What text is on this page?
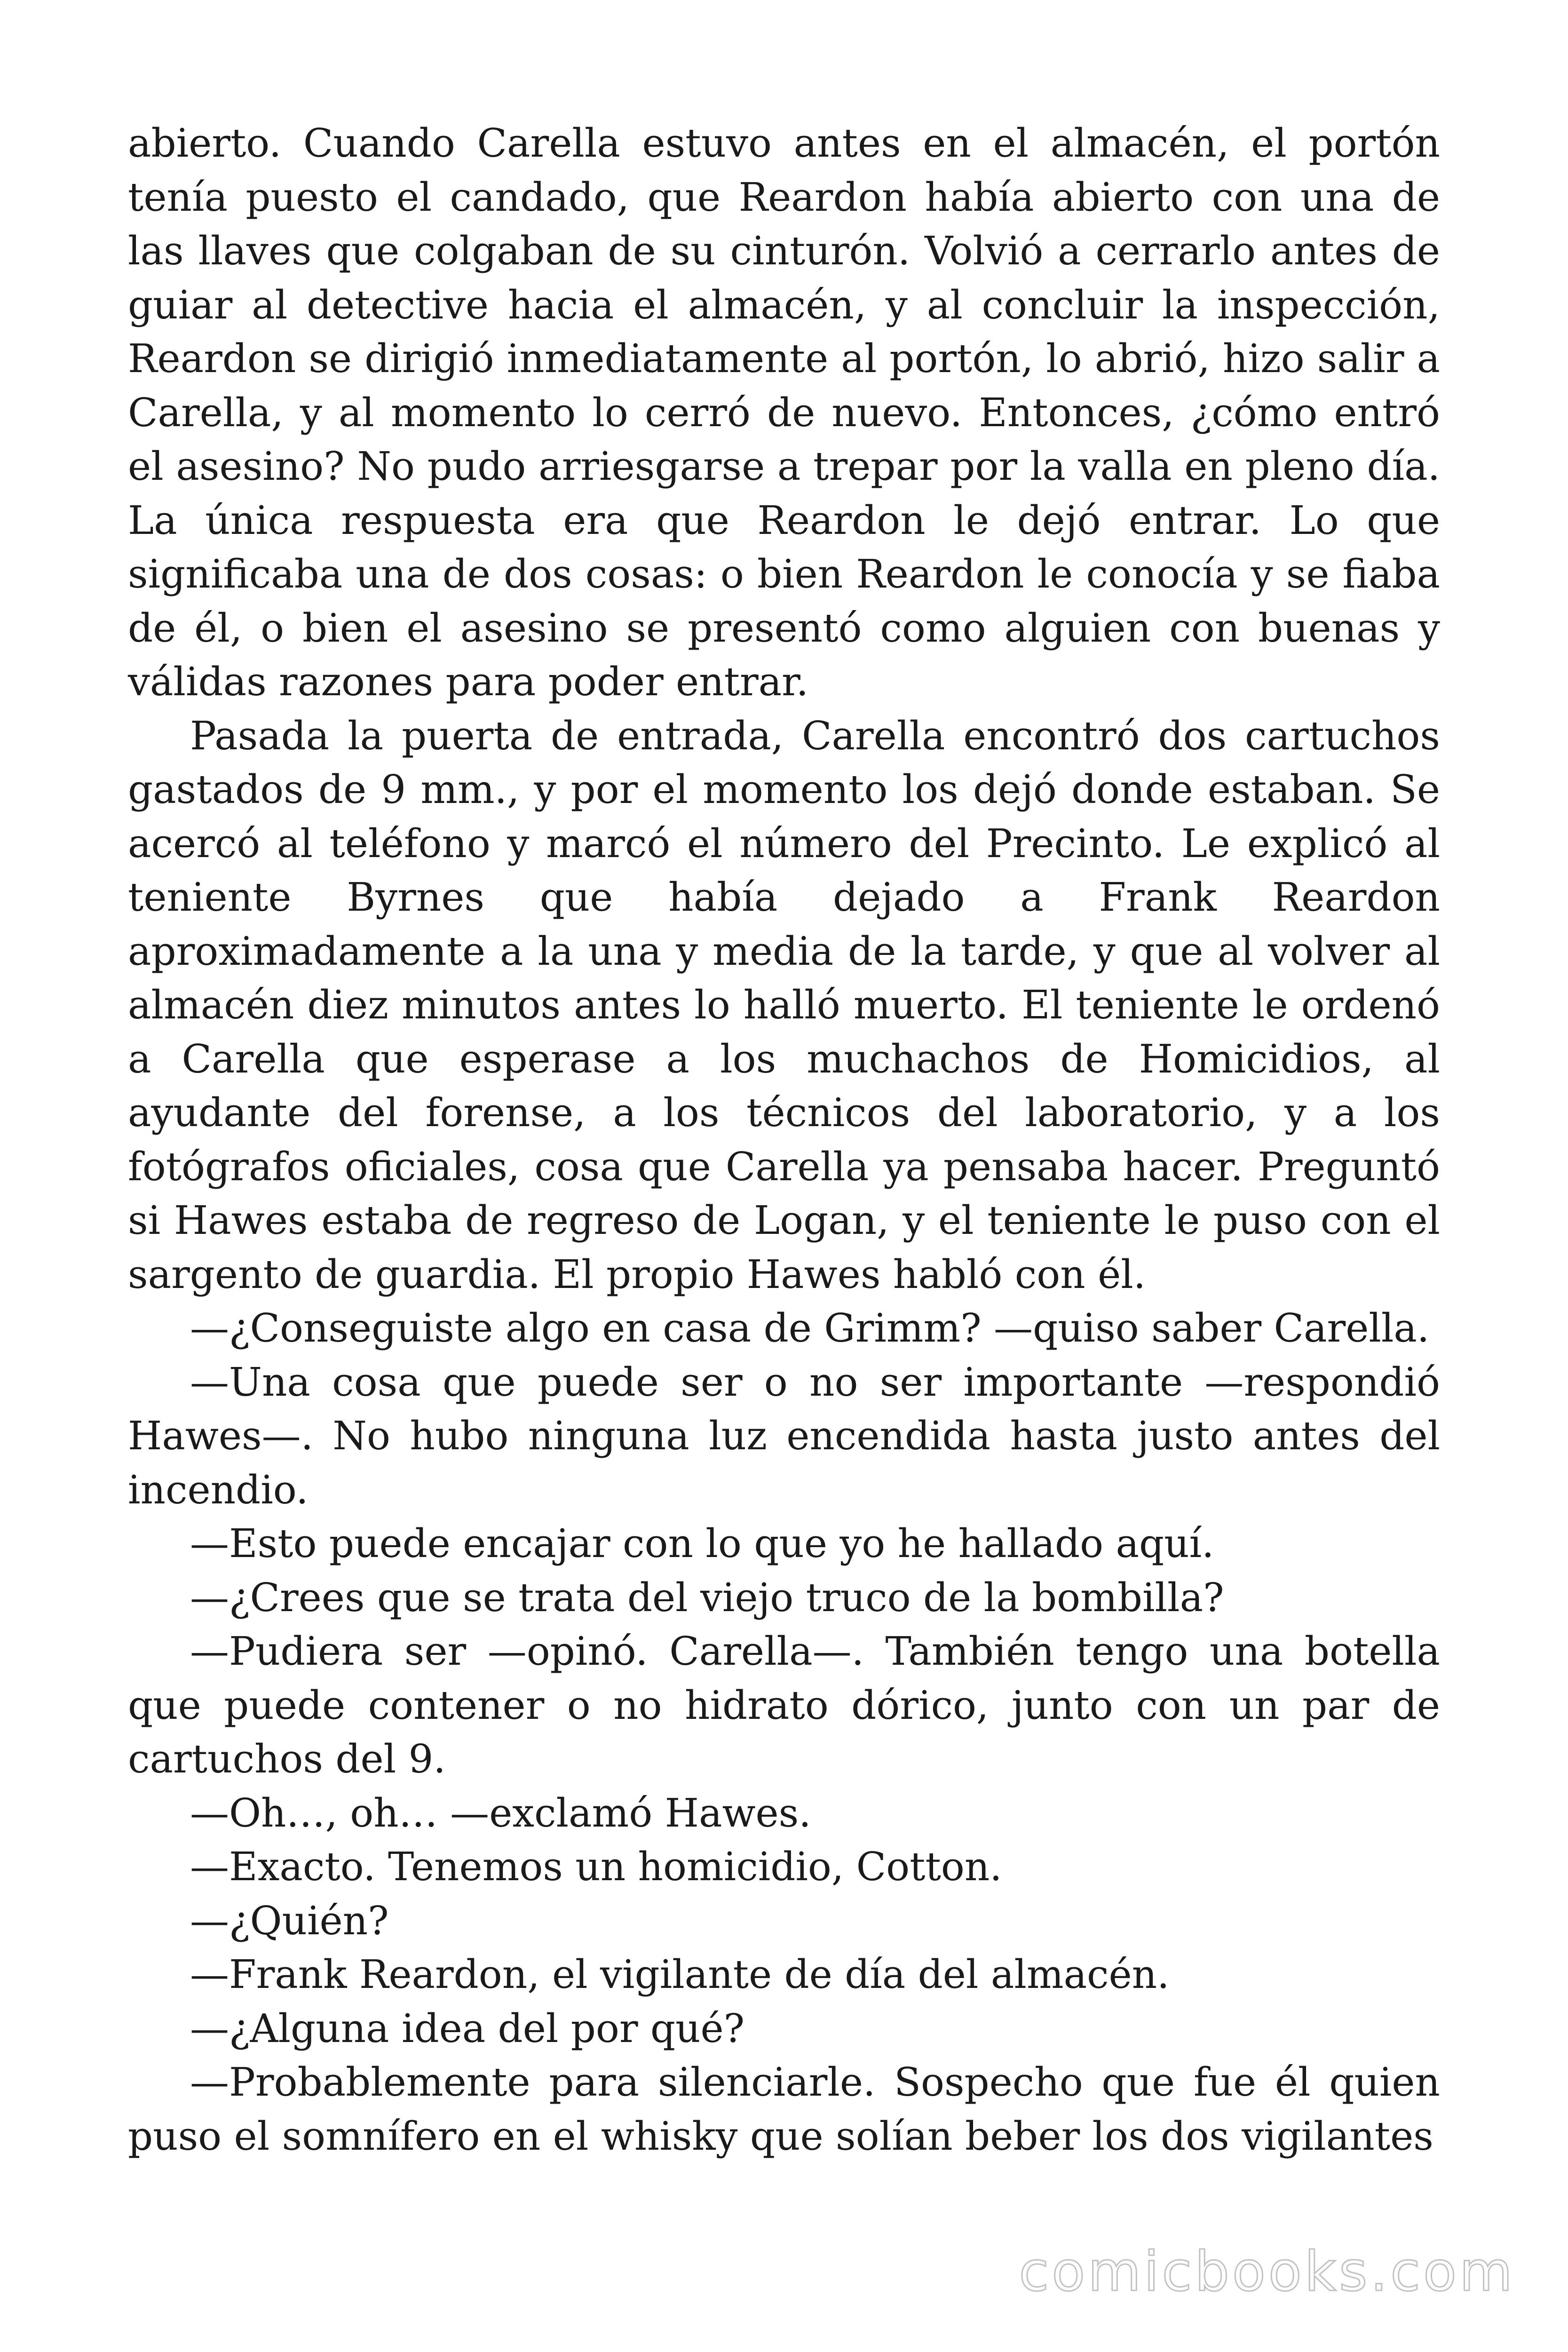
abierto. Cuando Carella estuvo antes en el almacén, el portón tenía puesto el candado, que Reardon había abierto con una de las llaves que colgaban de su cinturón. Volvió a cerrarlo antes de guiar al detective hacia el almacén, y al concluir la inspección, Reardon se dirigió inmediatamente al portón, lo abrió, hizo salir a Carella, y al momento lo cerró de nuevo. Entonces, ¿cómo entró el asesino? No pudo arriesgarse a trepar por la valla en pleno día. La única respuesta era que Reardon le dejó entrar. Lo que significaba una de dos cosas: o bien Reardon le conocía y se fiaba de él, o bien el asesino se presentó como alguien con buenas y válidas razones para poder entrar.

Pasada la puerta de entrada, Carella encontró dos cartuchos gastados de 9 mm., y por el momento los dejó donde estaban. Se acercó al teléfono y marcó el número del Precinto. Le explicó al teniente Byrnes que había dejado a Frank Reardon aproximadamente a la una y media de la tarde, y que al volver al almacén diez minutos antes lo halló muerto. El teniente le ordenó a Carella que esperase a los muchachos de Homicidios, al ayudante del forense, a los técnicos del laboratorio, y a los fotógrafos oficiales, cosa que Carella ya pensaba hacer. Preguntó si Hawes estaba de regreso de Logan, y el teniente le puso con el sargento de guardia. El propio Hawes habló con él.

—¿Conseguiste algo en casa de Grimm? —quiso saber Carella.

—Una cosa que puede ser o no ser importante —respondió Hawes—. No hubo ninguna luz encendida hasta justo antes del incendio.

—Esto puede encajar con lo que yo he hallado aquí.

—¿Crees que se trata del viejo truco de la bombilla?

—Pudiera ser —opinó. Carella—. También tengo una botella que puede contener o no hidrato dórico, junto con un par de cartuchos del 9.

—Oh…, oh… —exclamó Hawes.

—Exacto. Tenemos un homicidio, Cotton.

—¿Quién?

—Frank Reardon, el vigilante de día del almacén.

—¿Alguna idea del por qué?

—Probablemente para silenciarle. Sospecho que fue él quien puso el somnífero en el whisky que solían beber los dos vigilantes

comicbooks.com
